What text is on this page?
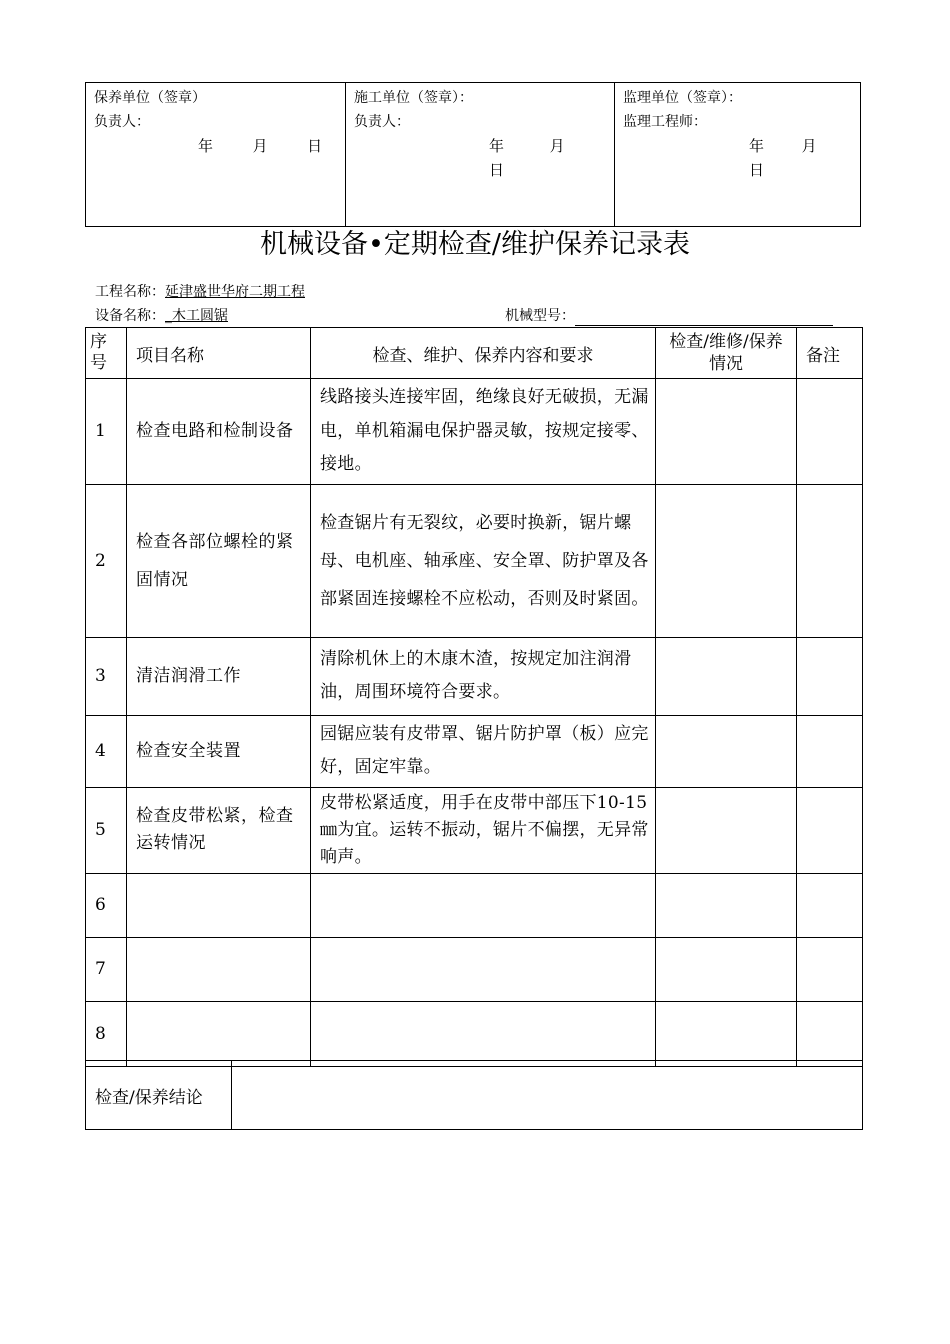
保养单位（签章）
负责人：
年	月	日
施工单位（签章）：
负责人：
年	月  日
监理单位（签章）：
监理工程师：
年	月  日
机械设备•定期检查/维护保养记录表
工程名称：延津盛世华府二期工程
设备名称：_木工圆锯	机械型号：
序号	项目名称	检查、维护、保养内容和要求	检查/维修/保养情况	备注
1	检查电路和检制设备	线路接头连接牢固，绝缘良好无破损，无漏电，单机箱漏电保护器灵敏，按规定接零、接地。		
2	检查各部位螺栓的紧固情况	检查锯片有无裂纹，必要时换新，锯片螺母、电机座、轴承座、安全罩、防护罩及各部紧固连接螺栓不应松动，否则及时紧固。		
3	清洁润滑工作	清除机休上的木康木渣，按规定加注润滑油，周围环境符合要求。		
4	检查安全装置	园锯应装有皮带罩、锯片防护罩（板）应完好，固定牢靠。		
5	检查皮带松紧，检查运转情况	皮带松紧适度，用手在皮带中部压下10-15 ㎜为宜。运转不振动，锯片不偏摆，无异常响声。		
6				
7				
8				
检查/保养结论	
